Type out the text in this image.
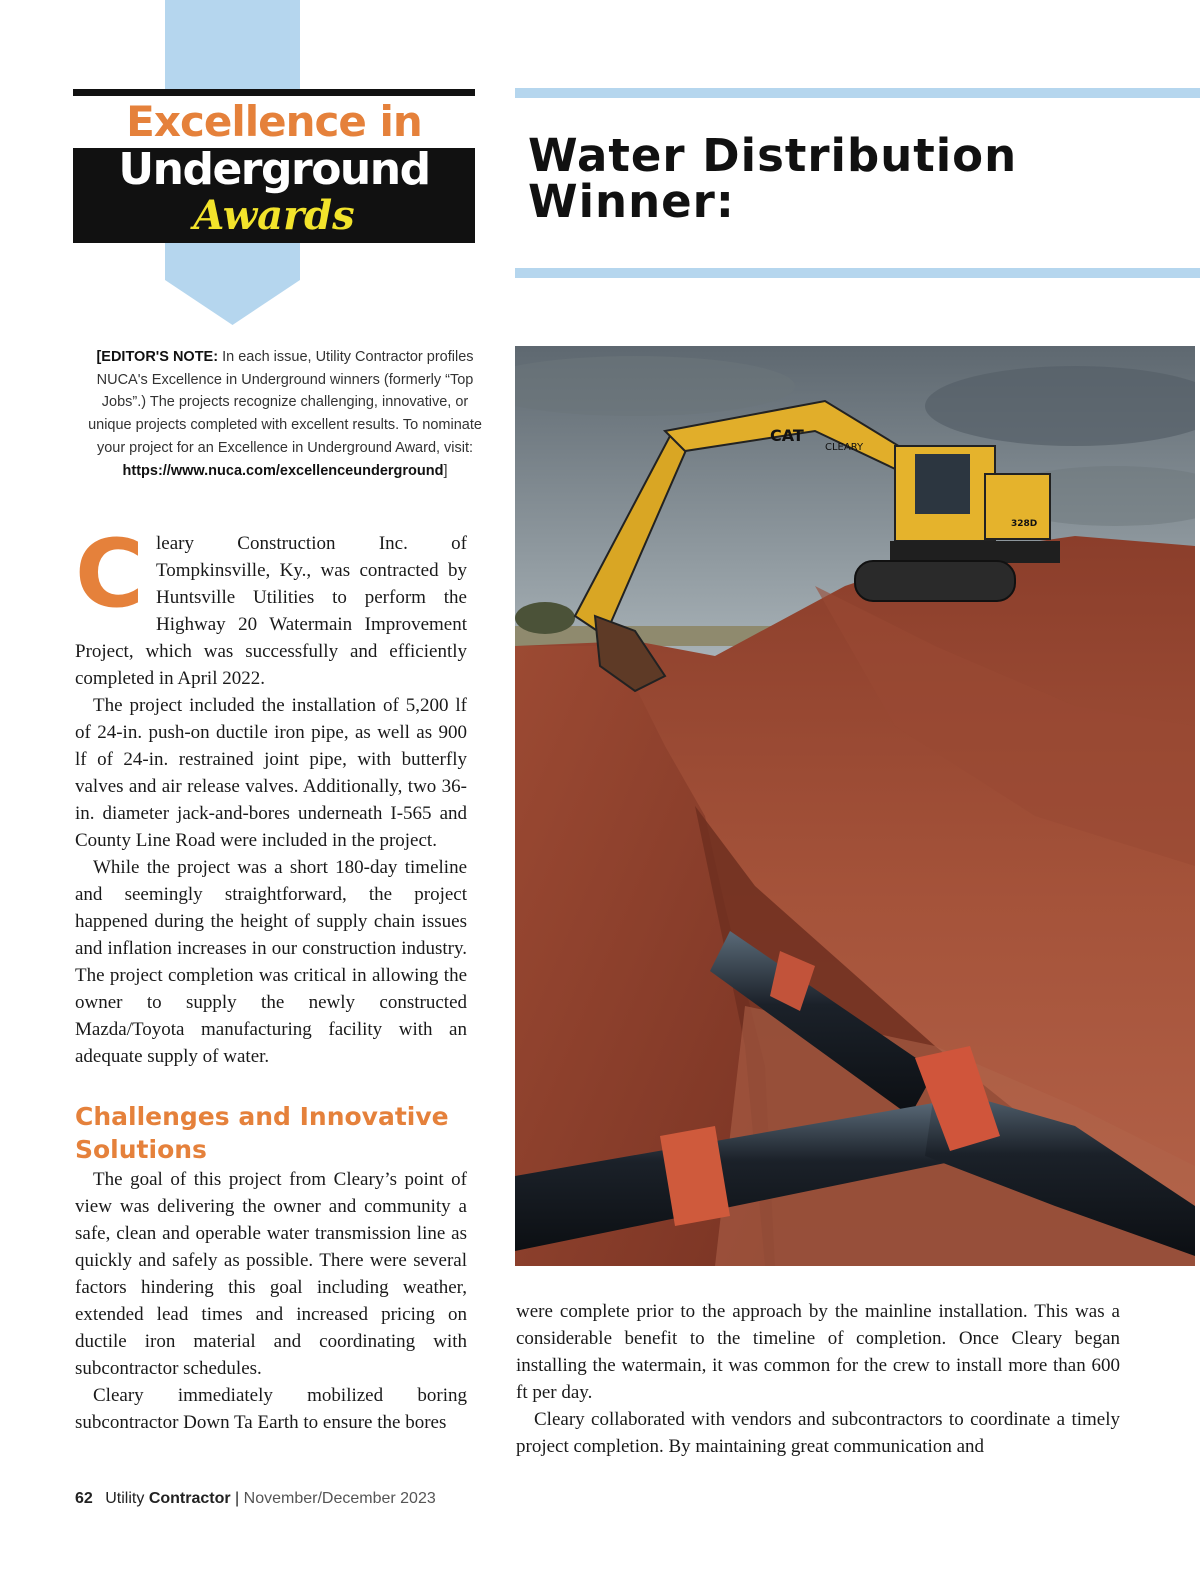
Excellence in
Underground
Awards
Water Distribution Winner:
[EDITOR'S NOTE: In each issue, Utility Contractor profiles NUCA's Excellence in Underground winners (formerly “Top Jobs”.) The projects recognize challenging, innovative, or unique projects completed with excellent results. To nominate your project for an Excellence in Underground Award, visit: https://www.nuca.com/excellenceunderground]

Cleary Construction Inc. of Tompkinsville, Ky., was contracted by Huntsville Utilities to perform the Highway 20 Watermain Improvement Project, which was successfully and efficiently completed in April 2022.

The project included the installation of 5,200 lf of 24-in. push-on ductile iron pipe, as well as 900 lf of 24-in. restrained joint pipe, with butterfly valves and air release valves. Additionally, two 36-in. diameter jack-and-bores underneath I-565 and County Line Road were included in the project.

While the project was a short 180-day timeline and seemingly straightforward, the project happened during the height of supply chain issues and inflation increases in our construction industry. The project completion was critical in allowing the owner to supply the newly constructed Mazda/Toyota manufacturing facility with an adequate supply of water.

Challenges and Innovative Solutions

The goal of this project from Cleary’s point of view was delivering the owner and community a safe, clean and operable water transmission line as quickly and safely as possible. There were several factors hindering this goal including weather, extended lead times and increased pricing on ductile iron material and coordinating with subcontractor schedules.

Cleary immediately mobilized boring subcontractor Down Ta Earth to ensure the bores

CAT
CLEARY
328D

were complete prior to the approach by the mainline installation. This was a considerable benefit to the timeline of completion. Once Cleary began installing the watermain, it was common for the crew to install more than 600 ft per day.

Cleary collaborated with vendors and subcontractors to coordinate a timely project completion. By maintaining great communication and

62 Utility Contractor | November/December 2023
